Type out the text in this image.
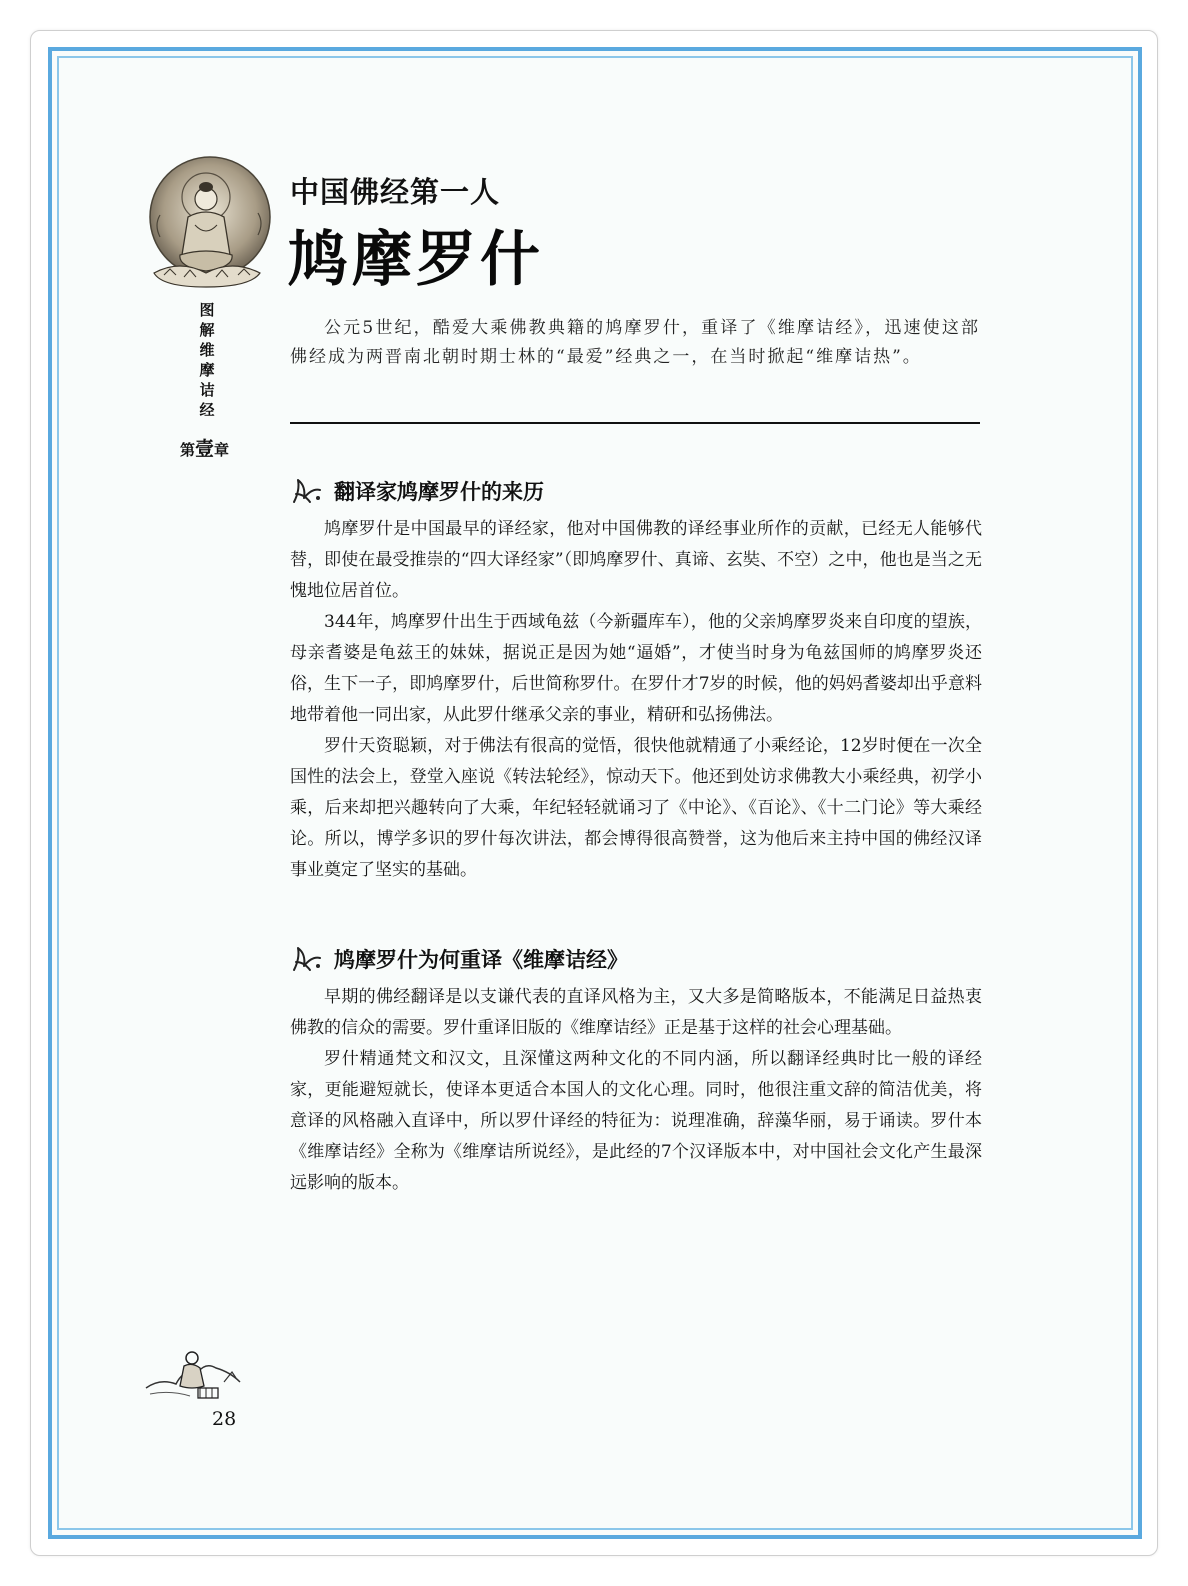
图
解
维
摩
诘
经
第壹章
中国佛经第一人
鸠摩罗什
公元5世纪，酷爱大乘佛教典籍的鸠摩罗什，重译了《维摩诘经》，迅速使这部佛经成为两晋南北朝时期士林的“最爱”经典之一，在当时掀起“维摩诘热”。
翻译家鸠摩罗什的来历

鸠摩罗什是中国最早的译经家，他对中国佛教的译经事业所作的贡献，已经无人能够代替，即使在最受推崇的“四大译经家”（即鸠摩罗什、真谛、玄奘、不空）之中，他也是当之无愧地位居首位。

344年，鸠摩罗什出生于西域龟兹（今新疆库车），他的父亲鸠摩罗炎来自印度的望族，母亲耆婆是龟兹王的妹妹，据说正是因为她“逼婚”，才使当时身为龟兹国师的鸠摩罗炎还俗，生下一子，即鸠摩罗什，后世简称罗什。在罗什才7岁的时候，他的妈妈耆婆却出乎意料地带着他一同出家，从此罗什继承父亲的事业，精研和弘扬佛法。

罗什天资聪颖，对于佛法有很高的觉悟，很快他就精通了小乘经论，12岁时便在一次全国性的法会上，登堂入座说《转法轮经》，惊动天下。他还到处访求佛教大小乘经典，初学小乘，后来却把兴趣转向了大乘，年纪轻轻就诵习了《中论》、《百论》、《十二门论》等大乘经论。所以，博学多识的罗什每次讲法，都会博得很高赞誉，这为他后来主持中国的佛经汉译事业奠定了坚实的基础。

鸠摩罗什为何重译《维摩诘经》

早期的佛经翻译是以支谦代表的直译风格为主，又大多是简略版本，不能满足日益热衷佛教的信众的需要。罗什重译旧版的《维摩诘经》正是基于这样的社会心理基础。

罗什精通梵文和汉文，且深懂这两种文化的不同内涵，所以翻译经典时比一般的译经家，更能避短就长，使译本更适合本国人的文化心理。同时，他很注重文辞的简洁优美，将意译的风格融入直译中，所以罗什译经的特征为：说理准确，辞藻华丽，易于诵读。罗什本《维摩诘经》全称为《维摩诘所说经》，是此经的7个汉译版本中，对中国社会文化产生最深远影响的版本。

28
